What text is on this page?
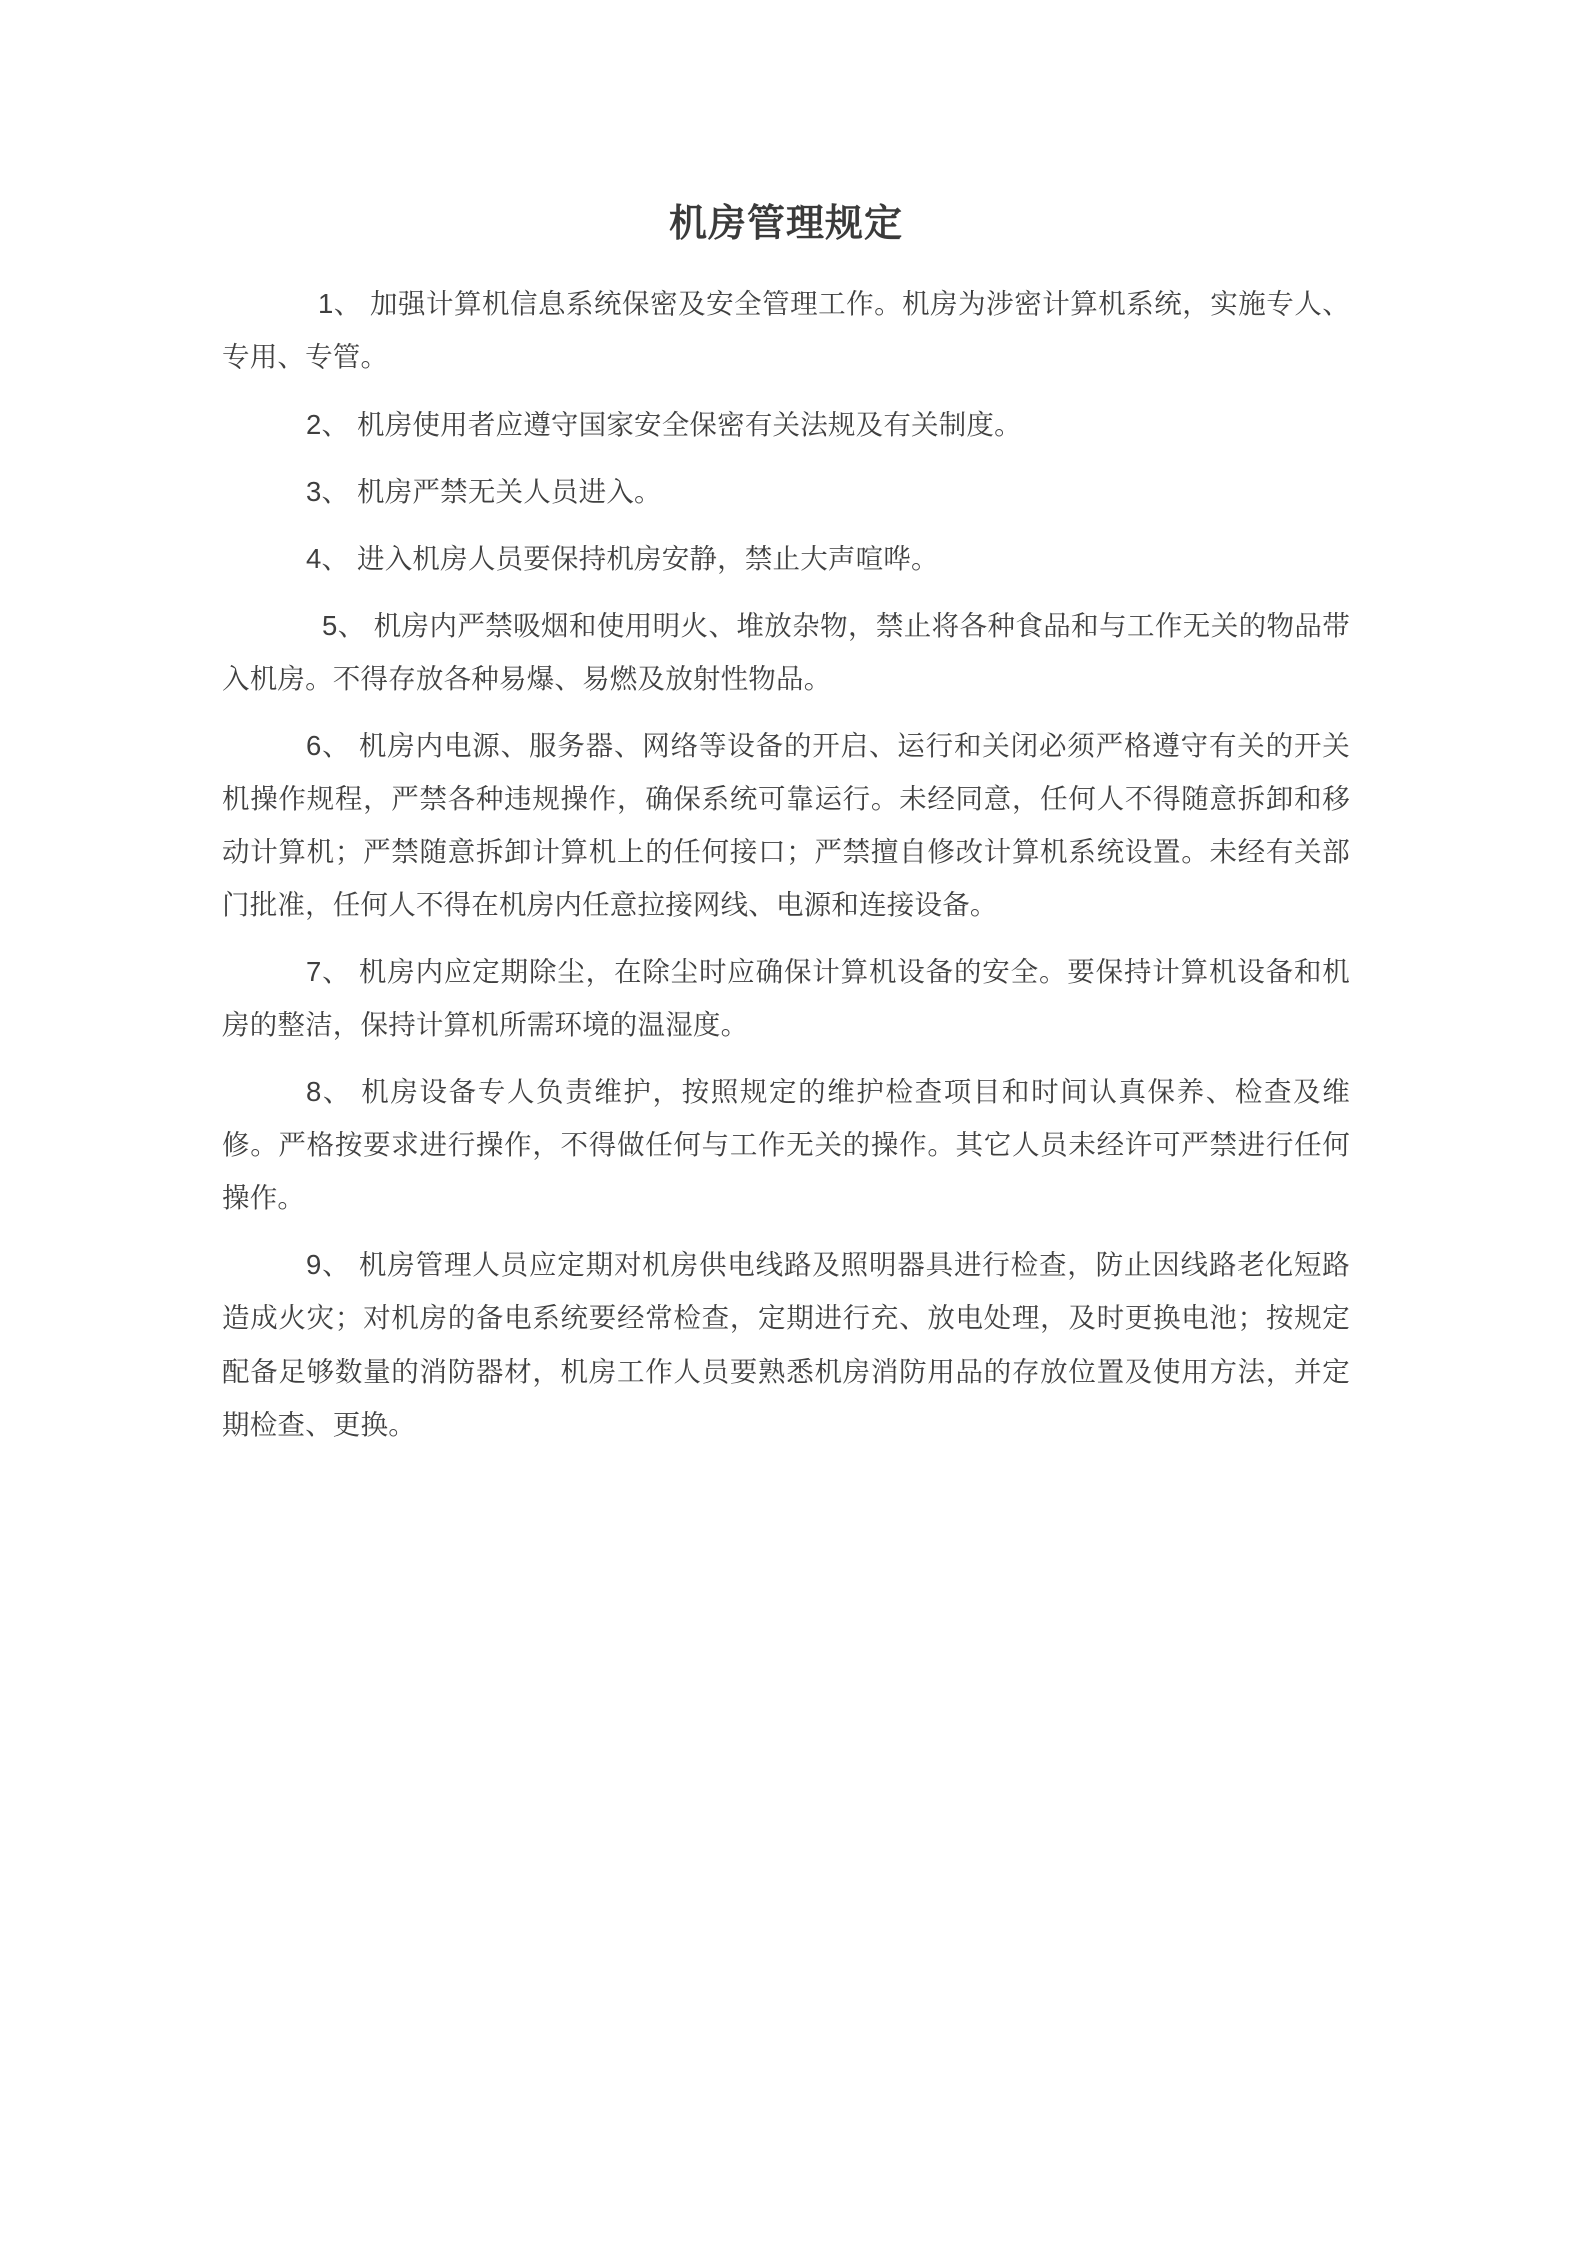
机房管理规定

1、 加强计算机信息系统保密及安全管理工作。机房为涉密计算机系统，实施专人、专用、专管。

2、 机房使用者应遵守国家安全保密有关法规及有关制度。

3、 机房严禁无关人员进入。

4、 进入机房人员要保持机房安静，禁止大声喧哗。

5、 机房内严禁吸烟和使用明火、堆放杂物，禁止将各种食品和与工作无关的物品带入机房。不得存放各种易爆、易燃及放射性物品。

6、 机房内电源、服务器、网络等设备的开启、运行和关闭必须严格遵守有关的开关机操作规程，严禁各种违规操作，确保系统可靠运行。未经同意，任何人不得随意拆卸和移动计算机；严禁随意拆卸计算机上的任何接口；严禁擅自修改计算机系统设置。未经有关部门批准，任何人不得在机房内任意拉接网线、电源和连接设备。

7、 机房内应定期除尘，在除尘时应确保计算机设备的安全。要保持计算机设备和机房的整洁，保持计算机所需环境的温湿度。

8、 机房设备专人负责维护，按照规定的维护检查项目和时间认真保养、检查及维修。严格按要求进行操作，不得做任何与工作无关的操作。其它人员未经许可严禁进行任何操作。

9、 机房管理人员应定期对机房供电线路及照明器具进行检查，防止因线路老化短路造成火灾；对机房的备电系统要经常检查，定期进行充、放电处理，及时更换电池；按规定配备足够数量的消防器材，机房工作人员要熟悉机房消防用品的存放位置及使用方法，并定期检查、更换。
